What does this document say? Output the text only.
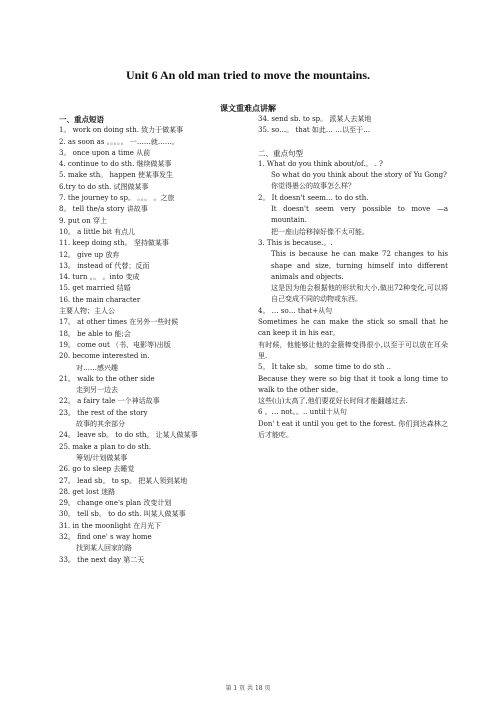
Unit 6 An old man tried to move the mountains.
课文重难点讲解
一、重点短语
1。 work on doing sth. 致力于做某事
2. as soon as 。。。。。 一……就……。
3。 once upon a time 从前
4. continue to do sth. 继续做某事
5. make sth。 happen 使某事发生
6.try to do sth. 试图做某事
7. the journey to sp。 。。。 。之旅
8。 tell the/a story 讲故事
9. put on 穿上
10。 a little bit 有点儿
11. keep doing sth。 坚持做某事
12。 give up 放弃
13。 instead of 代替；反而
14. turn 。。 。into 变成
15. get married 结婚
16. the main character
主要人物；主人公
17。 at other times 在另外一些时候
18。 be able to 能;会
19。 come out （书、电影等)出版
20. become interested in.
对……感兴趣
21。 walk to the other side
走到另一边去
22。 a fairy tale 一个神话故事
23。 the rest of the story
故事的其余部分
24。 leave sb。 to do sth。 让某人做某事
25. make a plan to do sth.
筹划/计划做某事
26. go to sleep 去睡觉
27。 lead sb。 to sp。 把某人领到某地
28. get lost 迷路
29。 change one's plan 改变计划
30。 tell sb。 to do sth. 叫某人做某事
31. in the moonlight 在月光下
32。 find one' s way home
找到某人回家的路
33。 the next day 第二天
34. send sb. to sp。 派某人去某地
35. so…。 that 如此… …以至于…
二、重点句型
1. What do you think about/of.。 . ?
So what do you think about the story of Yu Gong?
你觉得愚公的故事怎么样？
2。 It doesn't seem… to do sth.
It doesn't seem very possible to move —a mountain.
把一座山给移掉好像不太可能。
3. This is because.。.
This is because he can make 72 changes to his shape and size, turning himself into different animals and objects.
这是因为他会根据他的形状和大小,做出72种变化,可以将自己变成不同的动物或东西。
4。 … so… that+从句
Sometimes he can make the stick so small that he can keep it in his ear。
有时候，他能够让他的金箍棒变得很小,以至于可以放在耳朵里.
5。 It take sb。 some time to do sth ..
Because they were so big that it took a long time to walk to the other side。
这些(山)太高了,他们要花好长时间才能翻越过去.
6 。… not。。.. until十从句
Don' t eat it until you get to the forest. 你们到达森林之后才能吃。
第 1 页 共 18 页
